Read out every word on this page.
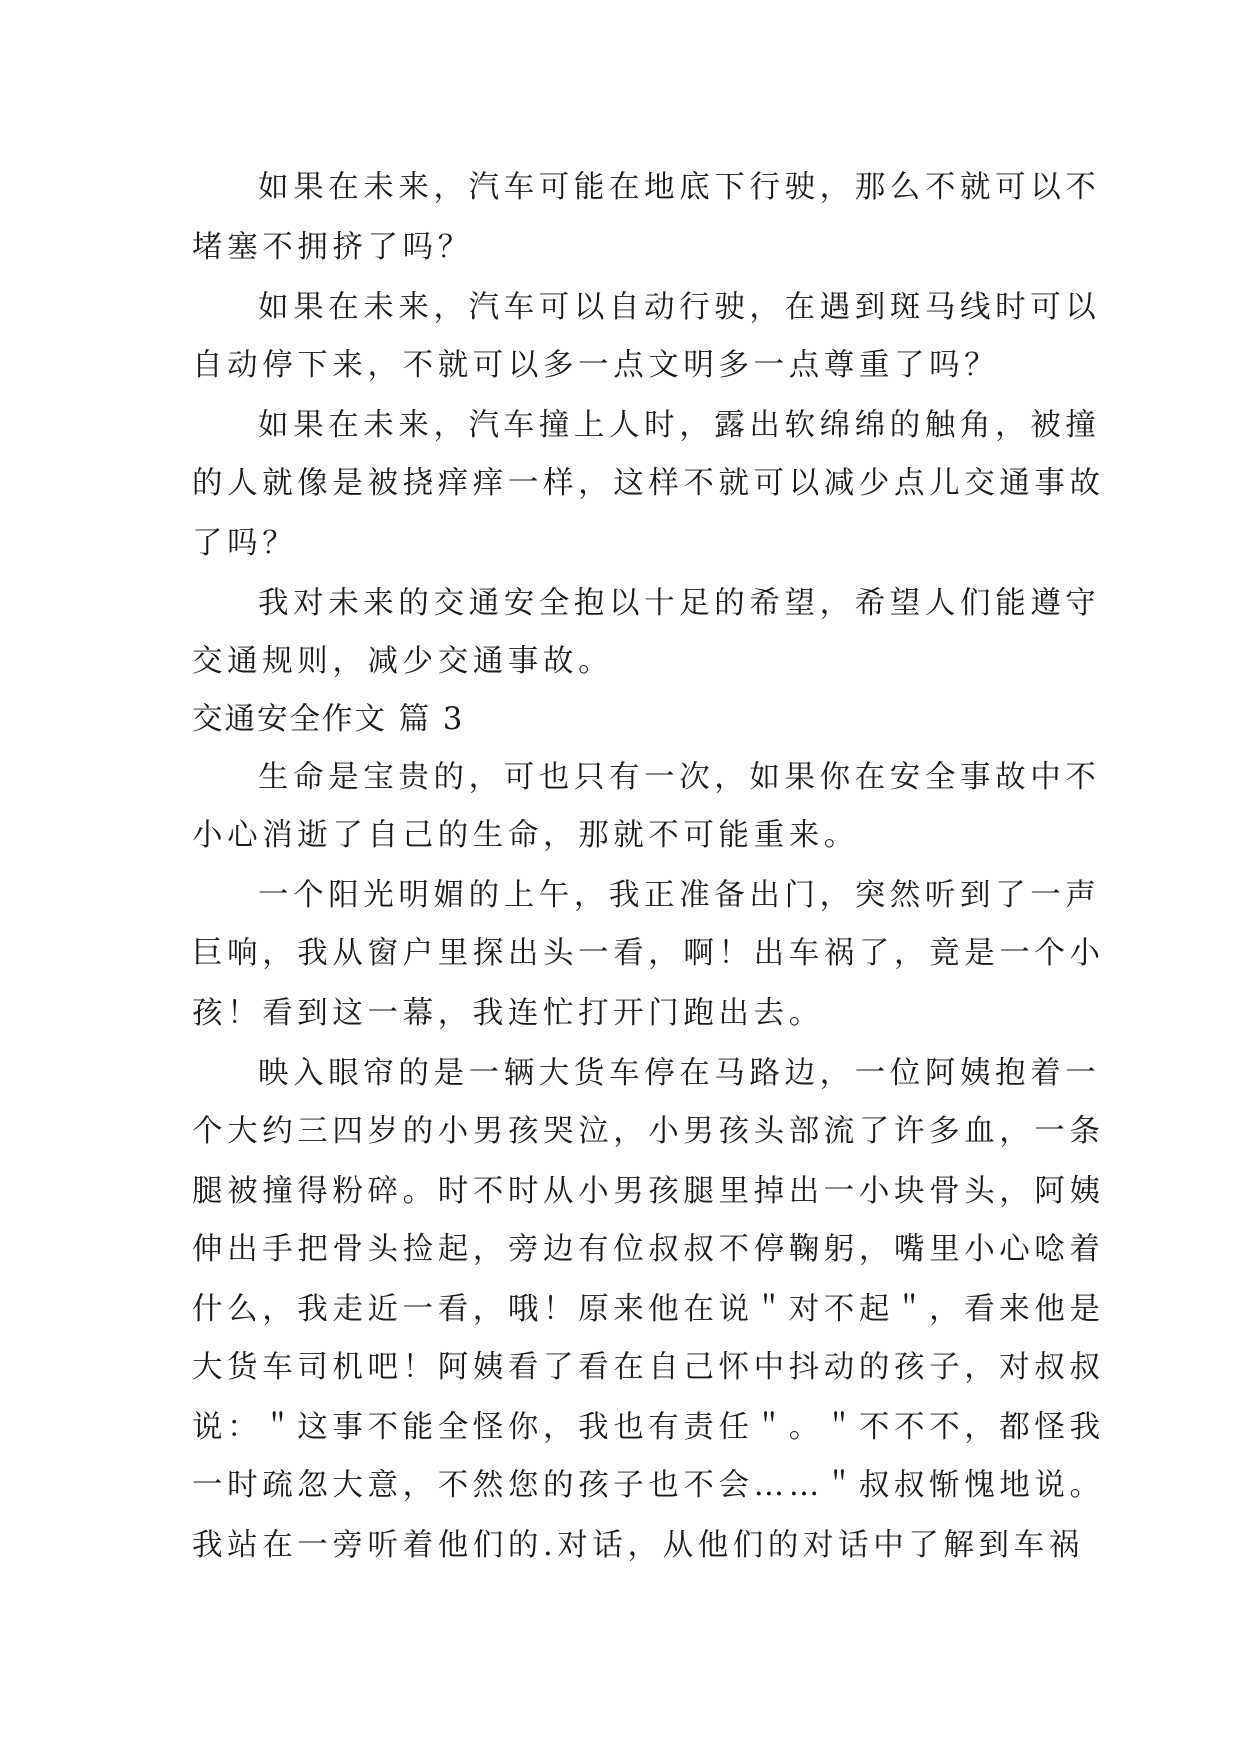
如果在未来，汽车可能在地底下行驶，那么不就可以不
堵塞不拥挤了吗？
如果在未来，汽车可以自动行驶，在遇到斑马线时可以
自动停下来，不就可以多一点文明多一点尊重了吗？
如果在未来，汽车撞上人时，露出软绵绵的触角，被撞
的人就像是被挠痒痒一样，这样不就可以减少点儿交通事故
了吗？
我对未来的交通安全抱以十足的希望，希望人们能遵守
交通规则，减少交通事故。
交通安全作文 篇 3
生命是宝贵的，可也只有一次，如果你在安全事故中不
小心消逝了自己的生命，那就不可能重来。
一个阳光明媚的上午，我正准备出门，突然听到了一声
巨响，我从窗户里探出头一看，啊！出车祸了，竟是一个小
孩！看到这一幕，我连忙打开门跑出去。
映入眼帘的是一辆大货车停在马路边，一位阿姨抱着一
个大约三四岁的小男孩哭泣，小男孩头部流了许多血，一条
腿被撞得粉碎。时不时从小男孩腿里掉出一小块骨头，阿姨
伸出手把骨头捡起，旁边有位叔叔不停鞠躬，嘴里小心唸着
什么，我走近一看，哦！原来他在说＂对不起＂，看来他是
大货车司机吧！阿姨看了看在自己怀中抖动的孩子，对叔叔
说：＂这事不能全怪你，我也有责任＂。＂不不不，都怪我
一时疏忽大意，不然您的孩子也不会……＂叔叔惭愧地说。
我站在一旁听着他们的.对话，从他们的对话中了解到车祸
